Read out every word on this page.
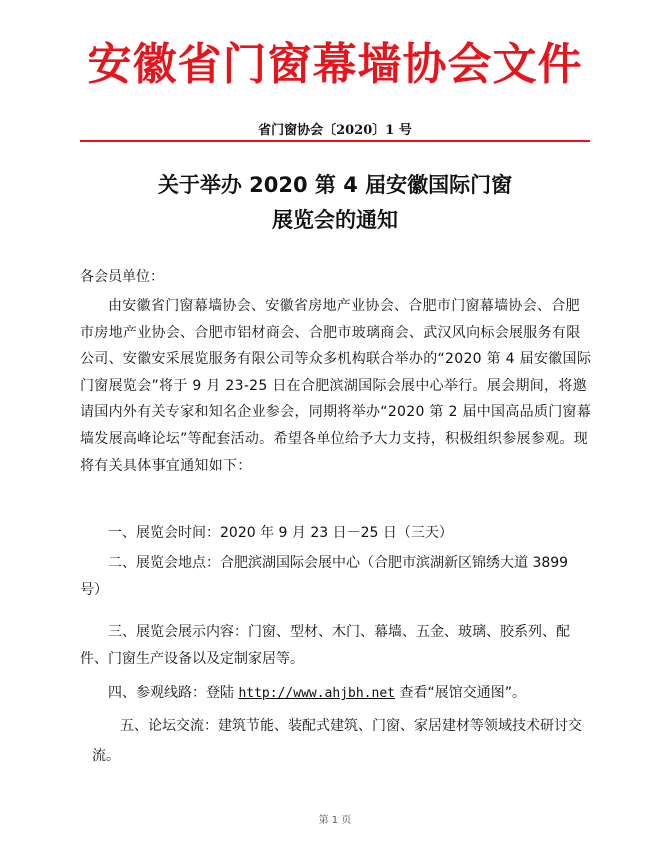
安徽省门窗幕墙协会文件
省门窗协会〔2020〕1 号
关于举办 2020 第 4 届安徽国际门窗
展览会的通知
各会员单位：

由安徽省门窗幕墙协会、安徽省房地产业协会、合肥市门窗幕墙协会、合肥市房地产业协会、合肥市铝材商会、合肥市玻璃商会、武汉风向标会展服务有限公司、安徽安采展览服务有限公司等众多机构联合举办的“2020 第 4 届安徽国际门窗展览会”将于 9 月 23-25 日在合肥滨湖国际会展中心举行。展会期间，将邀请国内外有关专家和知名企业参会，同期将举办“2020 第 2 届中国高品质门窗幕墙发展高峰论坛”等配套活动。希望各单位给予大力支持，积极组织参展参观。现将有关具体事宜通知如下：

一、展览会时间：2020 年 9 月 23 日－25 日（三天）

二、展览会地点：合肥滨湖国际会展中心（合肥市滨湖新区锦绣大道 3899 号）

三、展览会展示内容：门窗、型材、木门、幕墙、五金、玻璃、胶系列、配件、门窗生产设备以及定制家居等。

四、参观线路：登陆 http://www.ahjbh.net 查看“展馆交通图”。

五、论坛交流：建筑节能、装配式建筑、门窗、家居建材等领域技术研讨交流。

第 1 页
